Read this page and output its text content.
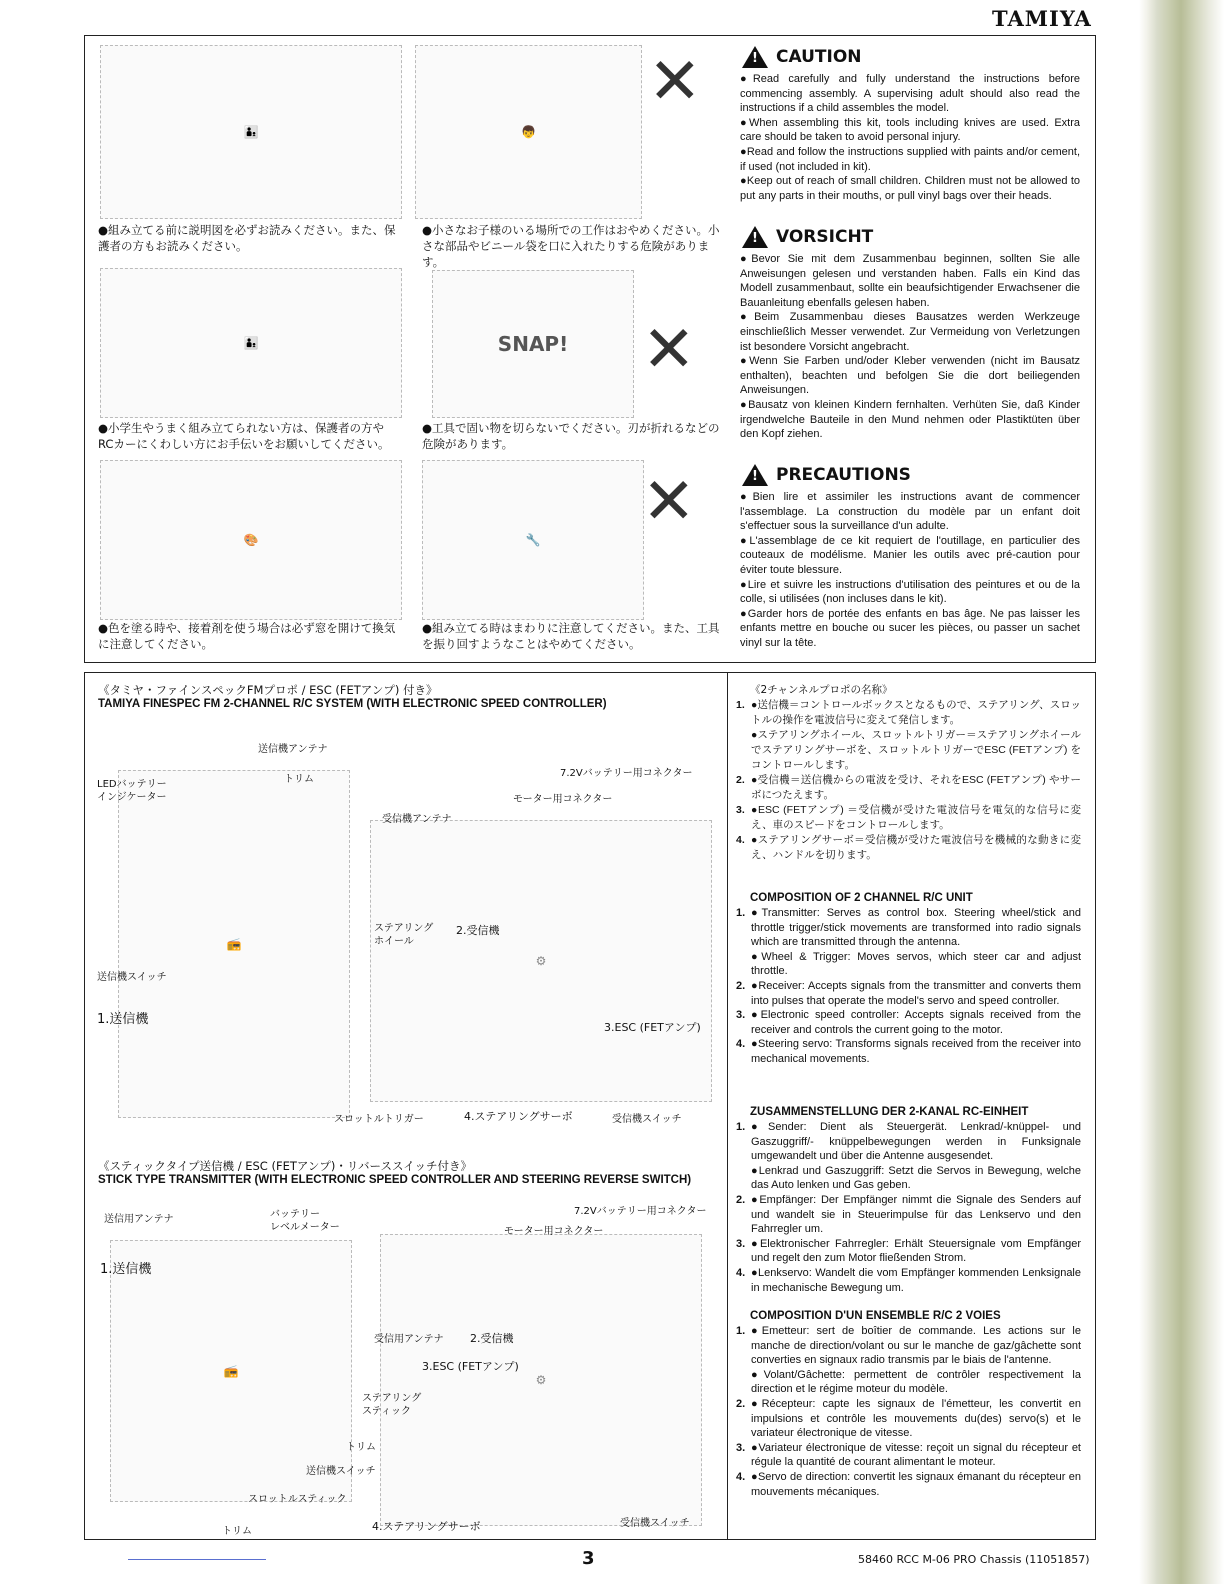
TAMIYA
👨‍👦
●組み立てる前に説明図を必ずお読みください。また、保護者の方もお読みください。
👨‍👦
●小学生やうまく組み立てられない方は、保護者の方やRCカーにくわしい方にお手伝いをお願いしてください。
🎨
●色を塗る時や、接着剤を使う場合は必ず窓を開けて換気に注意してください。
👦
✕
●小さなお子様のいる場所での工作はおやめください。小さな部品やビニール袋を口に入れたりする危険があります。
SNAP! ✕
●工具で固い物を切らないでください。刃が折れるなどの危険があります。
🔧
✕
●組み立てる時はまわりに注意してください。また、工具を振り回すようなことはやめてください。
!
CAUTION

●Read carefully and fully understand the instructions before commencing assembly. A supervising adult should also read the instructions if a child assembles the model.

●When assembling this kit, tools including knives are used. Extra care should be taken to avoid personal injury.

●Read and follow the instructions supplied with paints and/or cement, if used (not included in kit).

●Keep out of reach of small children. Children must not be allowed to put any parts in their mouths, or pull vinyl bags over their heads.

!
VORSICHT

●Bevor Sie mit dem Zusammenbau beginnen, sollten Sie alle Anweisungen gelesen und verstanden haben. Falls ein Kind das Modell zusammenbaut, sollte ein beaufsichtigender Erwachsener die Bauanleitung ebenfalls gelesen haben.

●Beim Zusammenbau dieses Bausatzes werden Werkzeuge einschließlich Messer verwendet. Zur Vermeidung von Verletzungen ist besondere Vorsicht angebracht.

●Wenn Sie Farben und/oder Kleber verwenden (nicht im Bausatz enthalten), beachten und befolgen Sie die dort beiliegenden Anweisungen.

●Bausatz von kleinen Kindern fernhalten. Verhüten Sie, daß Kinder irgendwelche Bauteile in den Mund nehmen oder Plastiktüten über den Kopf ziehen.

!
PRECAUTIONS

●Bien lire et assimiler les instructions avant de commencer l'assemblage. La construction du modèle par un enfant doit s'effectuer sous la surveillance d'un adulte.

●L'assemblage de ce kit requiert de l'outillage, en particulier des couteaux de modélisme. Manier les outils avec pré-caution pour éviter toute blessure.

●Lire et suivre les instructions d'utilisation des peintures et ou de la colle, si utilisées (non incluses dans le kit).

●Garder hors de portée des enfants en bas âge. Ne pas laisser les enfants mettre en bouche ou sucer les pièces, ou passer un sachet vinyl sur la tête.

《タミヤ・ファインスペックFMプロポ / ESC (FETアンプ) 付き》
TAMIYA FINESPEC FM 2-CHANNEL R/C SYSTEM (WITH ELECTRONIC SPEED CONTROLLER)
📻
⚙
送信機アンテナ
LEDバッテリー
インジケーター
トリム
7.2Vバッテリー用コネクター
モーター用コネクター
受信機アンテナ
ステアリング
ホイール
2.受信機
送信機スイッチ
1.送信機
3.ESC (FETアンプ)
スロットルトリガー	4.ステアリングサーボ	受信機スイッチ
《スティックタイプ送信機 / ESC (FETアンプ)・リバーススイッチ付き》
STICK TYPE TRANSMITTER (WITH ELECTRONIC SPEED CONTROLLER AND STEERING REVERSE SWITCH)
📻
⚙
送信用アンテナ	バッテリー
レベルメーター
7.2Vバッテリー用コネクター
モーター用コネクター
1.送信機
受信用アンテナ 2.受信機
3.ESC (FETアンプ)
ステアリング
スティック
トリム
送信機スイッチ
スロットルスティック
トリム	4.ステアリングサーボ	受信機スイッチ
《2チャンネルプロポの名称》
1. ●送信機＝コントロールボックスとなるもので、ステアリング、スロットルの操作を電波信号に変えて発信します。
●ステアリングホイール、スロットルトリガー＝ステアリングホイールでステアリングサーボを、スロットルトリガーでESC (FETアンプ) をコントロールします。
2. ●受信機＝送信機からの電波を受け、それをESC (FETアンプ) やサーボにつたえます。
3. ●ESC (FETアンプ) ＝受信機が受けた電波信号を電気的な信号に変え、車のスピードをコントロールします。
4. ●ステアリングサーボ＝受信機が受けた電波信号を機械的な動きに変え、ハンドルを切ります。
COMPOSITION OF 2 CHANNEL R/C UNIT
1. ●Transmitter: Serves as control box. Steering wheel/stick and throttle trigger/stick movements are transformed into radio signals which are transmitted through the antenna.
●Wheel & Trigger: Moves servos, which steer car and adjust throttle.
2. ●Receiver: Accepts signals from the transmitter and converts them into pulses that operate the model's servo and speed controller.
3. ●Electronic speed controller: Accepts signals received from the receiver and controls the current going to the motor.
4. ●Steering servo: Transforms signals received from the receiver into mechanical movements.
ZUSAMMENSTELLUNG DER 2-KANAL RC-EINHEIT
1. ●Sender: Dient als Steuergerät. Lenkrad/-knüppel- und Gaszuggriff/- knüppelbewegungen werden in Funksignale umgewandelt und über die Antenne ausgesendet.
●Lenkrad und Gaszuggriff: Setzt die Servos in Bewegung, welche das Auto lenken und Gas geben.
2. ●Empfänger: Der Empfänger nimmt die Signale des Senders auf und wandelt sie in Steuerimpulse für das Lenkservo und den Fahrregler um.
3. ●Elektronischer Fahrregler: Erhält Steuersignale vom Empfänger und regelt den zum Motor fließenden Strom.
4. ●Lenkservo: Wandelt die vom Empfänger kommenden Lenksignale in mechanische Bewegung um.
COMPOSITION D'UN ENSEMBLE R/C 2 VOIES
1. ●Emetteur: sert de boîtier de commande. Les actions sur le manche de direction/volant ou sur le manche de gaz/gâchette sont converties en signaux radio transmis par le biais de l'antenne.
●Volant/Gâchette: permettent de contrôler respectivement la direction et le régime moteur du modèle.
2. ●Récepteur: capte les signaux de l'émetteur, les convertit en impulsions et contrôle les mouvements du(des) servo(s) et le variateur électronique de vitesse.
3. ●Variateur électronique de vitesse: reçoit un signal du récepteur et régule la quantité de courant alimentant le moteur.
4. ●Servo de direction: convertit les signaux émanant du récepteur en mouvements mécaniques.
3	58460 RCC M-06 PRO Chassis (11051857)
